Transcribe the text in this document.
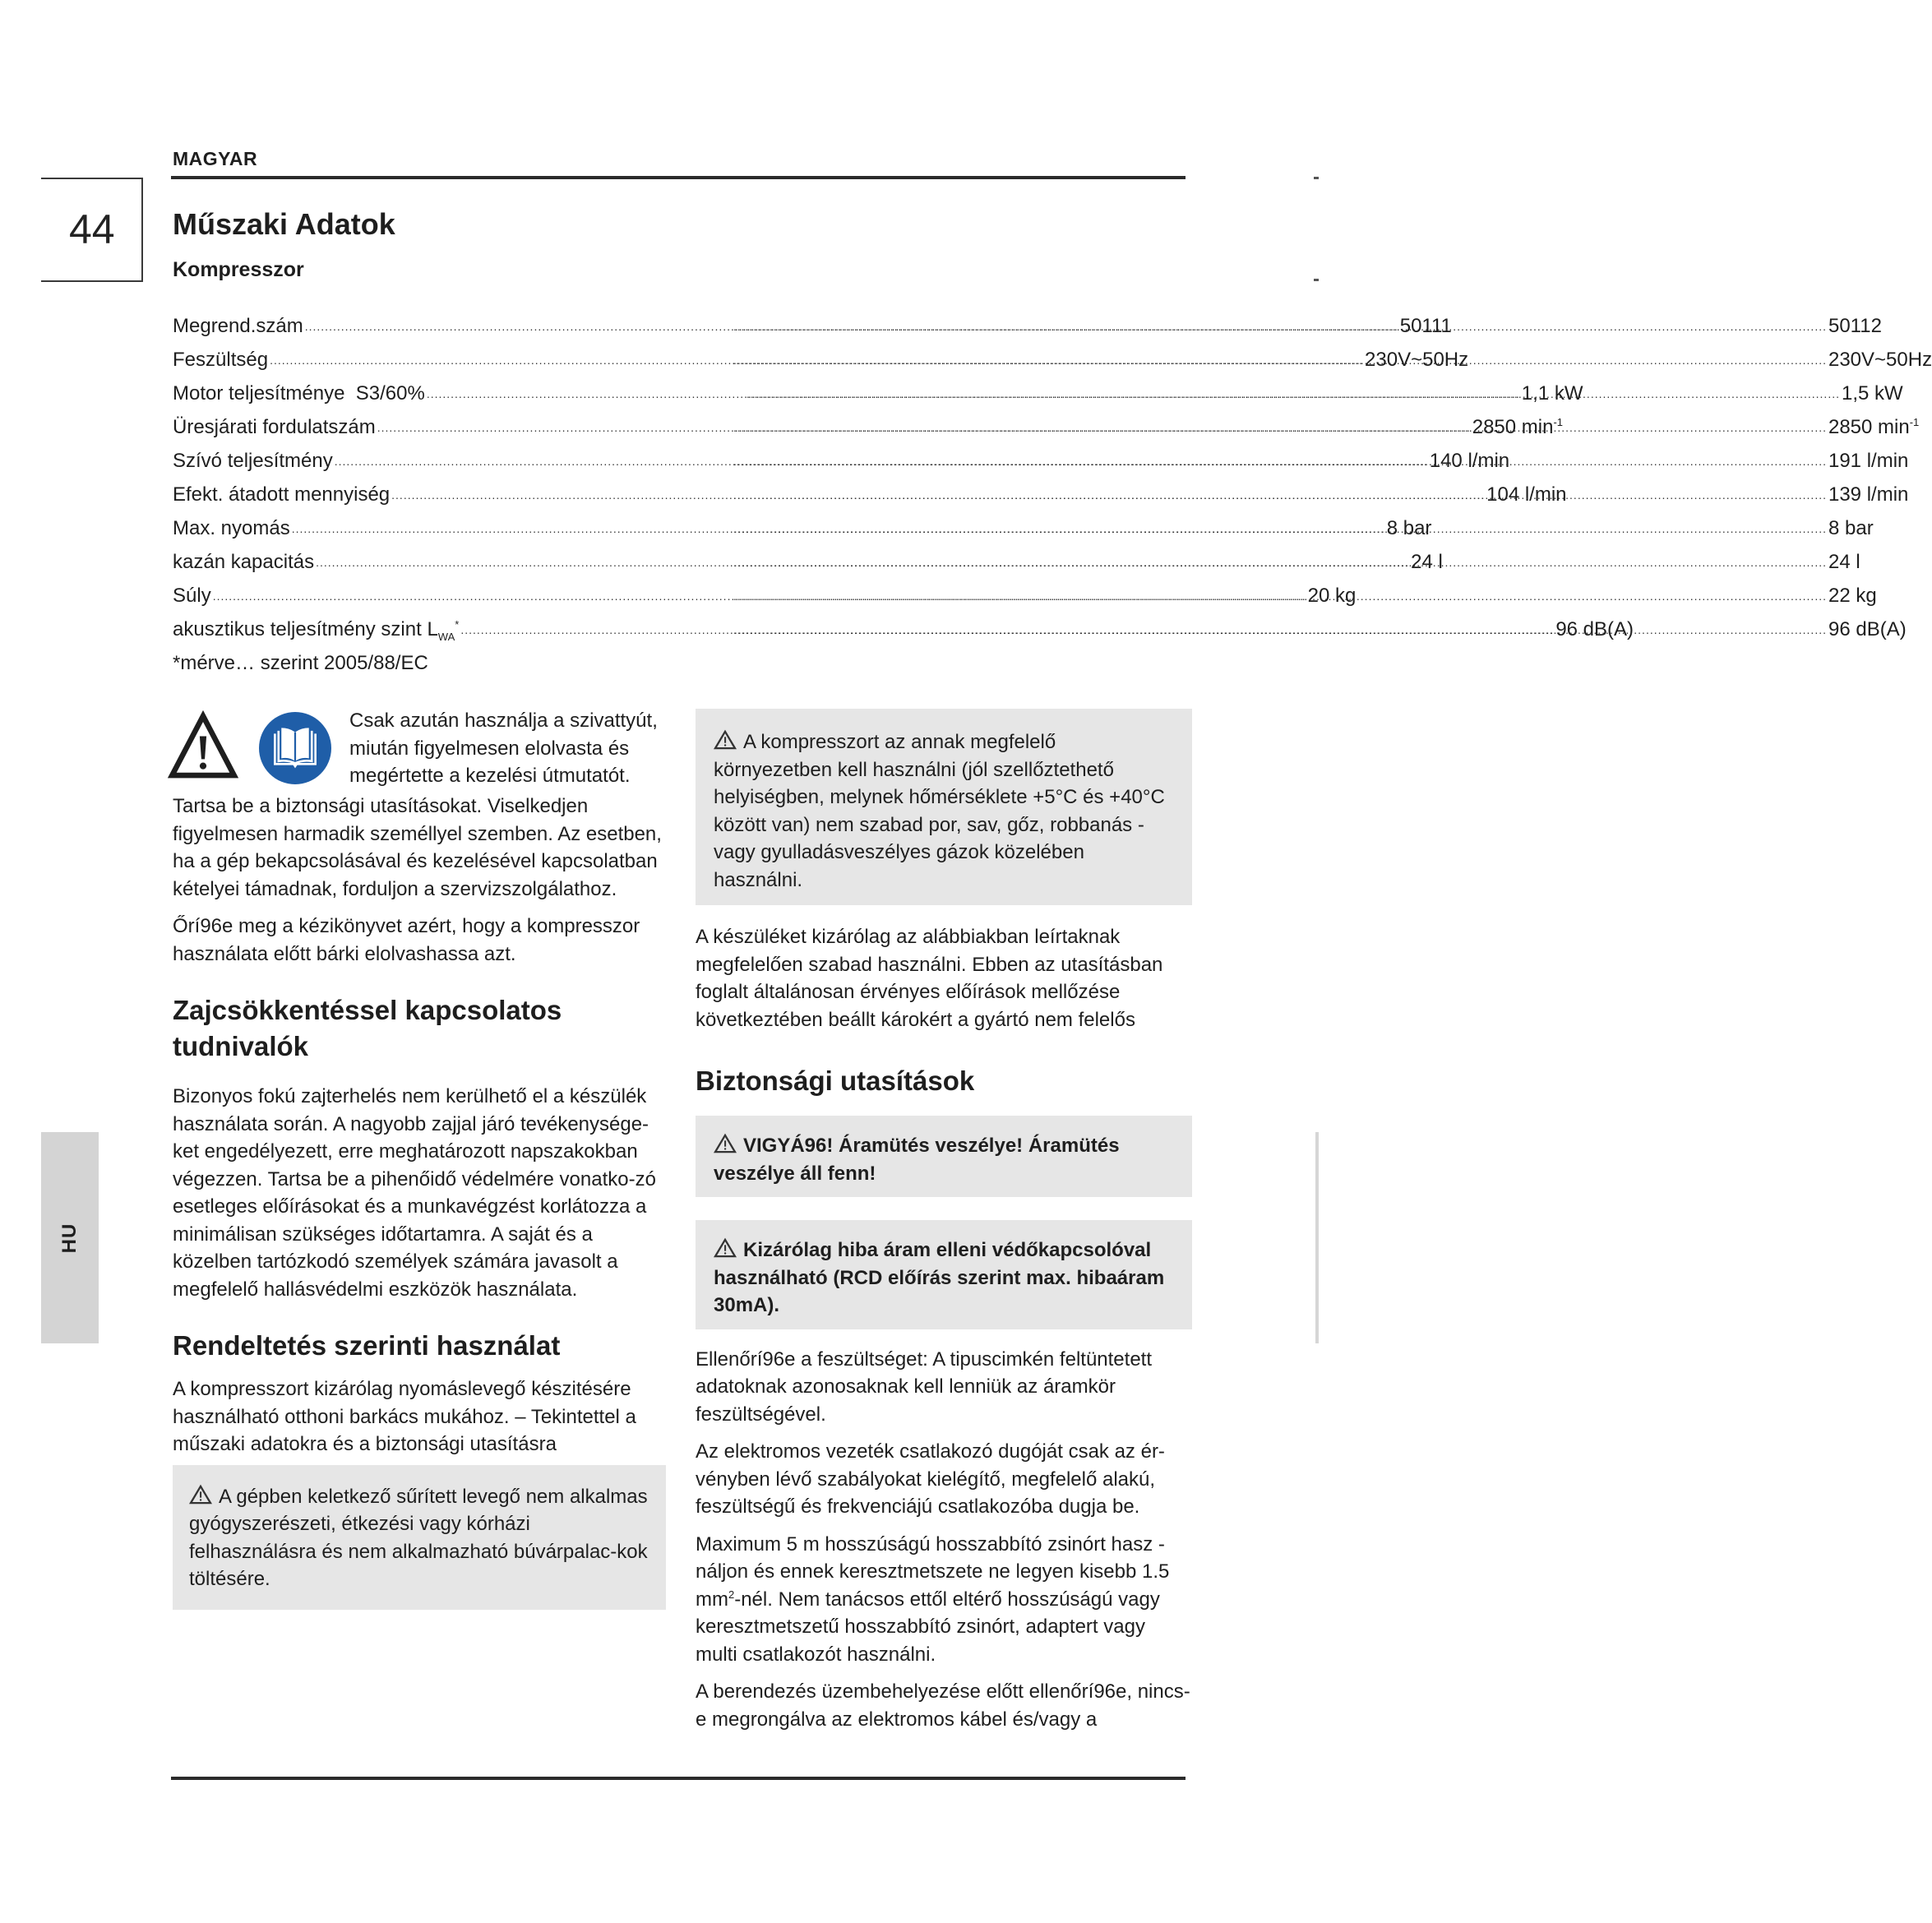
MAGYAR
44 Műszaki Adatok
Kompresszor
Megrend.szám .....	50111 .....	50112
Feszültség .....	230V~50Hz .....	230V~50Hz
Motor teljesítménye  S3/60% .....	1,1 kW .....	1,5 kW
Üresjárati fordulatszám .....	2850 $\min^{-1}$ .....	2850 $\min^{-1}$
Szívó teljesítmény .....	140 l/min .....	191 l/min
Efekt. átadott mennyiség .....	104 l/min .....	139 l/min
Max. nyomás .....	8 bar .....	8 bar
kazán kapacitás .....	24 l .....	24 l
Súly .....	20 kg .....	22 kg
akusztikus teljesítmény szint $L_{WA}^*$ .....	96 dB(A) .....	96 dB(A)
*mérve… szerint 2005/88/EC
Csak azután használja a szivattyút,
miután figyelmesen elolvasta és
megértette a kezelési útmutatót.

Tartsa be a biztonsági utasításokat. Viselkedjen figyelmesen harmadik személlyel szemben. Az esetben, ha a gép bekapcsolásával és kezelésével kapcsolatban kételyei támadnak, forduljon a szervizszolgálathoz.

Őrí96e meg a kézikönyvet azért, hogy a kompresszor használata előtt bárki elolvashassa azt.

Zajcsökkentéssel kapcsolatos tudnivalók

Bizonyos fokú zajterhelés nem kerülhető el a készülék használata során. A nagyobb zajjal járó tevékenysége-ket engedélyezett, erre meghatározott napszakokban végezzen. Tartsa be a pihenőidő védelmére vonatko-zó esetleges előírásokat és a munkavégzést korlátozza a minimálisan szükséges időtartamra. A saját és a közelben tartózkodó személyek számára javasolt a megfelelő hallásvédelmi eszközök használata.

Rendeltetés szerinti használat

A kompresszort kizárólag nyomáslevegő készitésére használható otthoni barkács mukához. – Tekintettel a műszaki adatokra és a biztonsági utasításra

A gépben keletkező sűrített levegő nem alkalmas gyógyszerészeti, étkezési vagy kórházi felhasználásra és nem alkalmazható búvárpalac-kok töltésére.
A kompresszort az annak megfelelő környezetben kell használni (jól szellőztethető helyiségben, melynek hőmérséklete +5°C és +40°C között van) nem szabad por, sav, gőz, robbanás -vagy gyulladásveszélyes gázok közelében használni.

A készüléket kizárólag az alábbiakban leírtaknak megfelelően szabad használni. Ebben az utasításban foglalt általánosan érvényes előírások mellőzése következtében beállt károkért a gyártó nem felelős

Biztonsági utasítások
VIGYÁ96! Áramütés veszélye! Áramütés veszélye áll fenn!
Kizárólag hiba áram elleni védőkapcsolóval használható (RCD előírás szerint max. hibaáram 30mA).

Ellenőrí96e a feszültséget: A tipuscimkén feltüntetett adatoknak azonosaknak kell lenniük az áramkör feszültségével.

Az elektromos vezeték csatlakozó dugóját csak az ér-vényben lévő szabályokat kielégítő, megfelelő alakú, feszültségű és frekvenciájú csatlakozóba dugja be.

Maximum 5 m hosszúságú hosszabbító zsinórt hasz -náljon és ennek keresztmetszete ne legyen kisebb 1.5 $mm^2$-nél. Nem tanácsos ettől eltérő hosszúságú vagy keresztmetszetű hosszabbító zsinórt, adaptert vagy multi csatlakozót használni.

A berendezés üzembehelyezése előtt ellenőrí96e, nincs-e megrongálva az elektromos kábel és/vagy a

HU
